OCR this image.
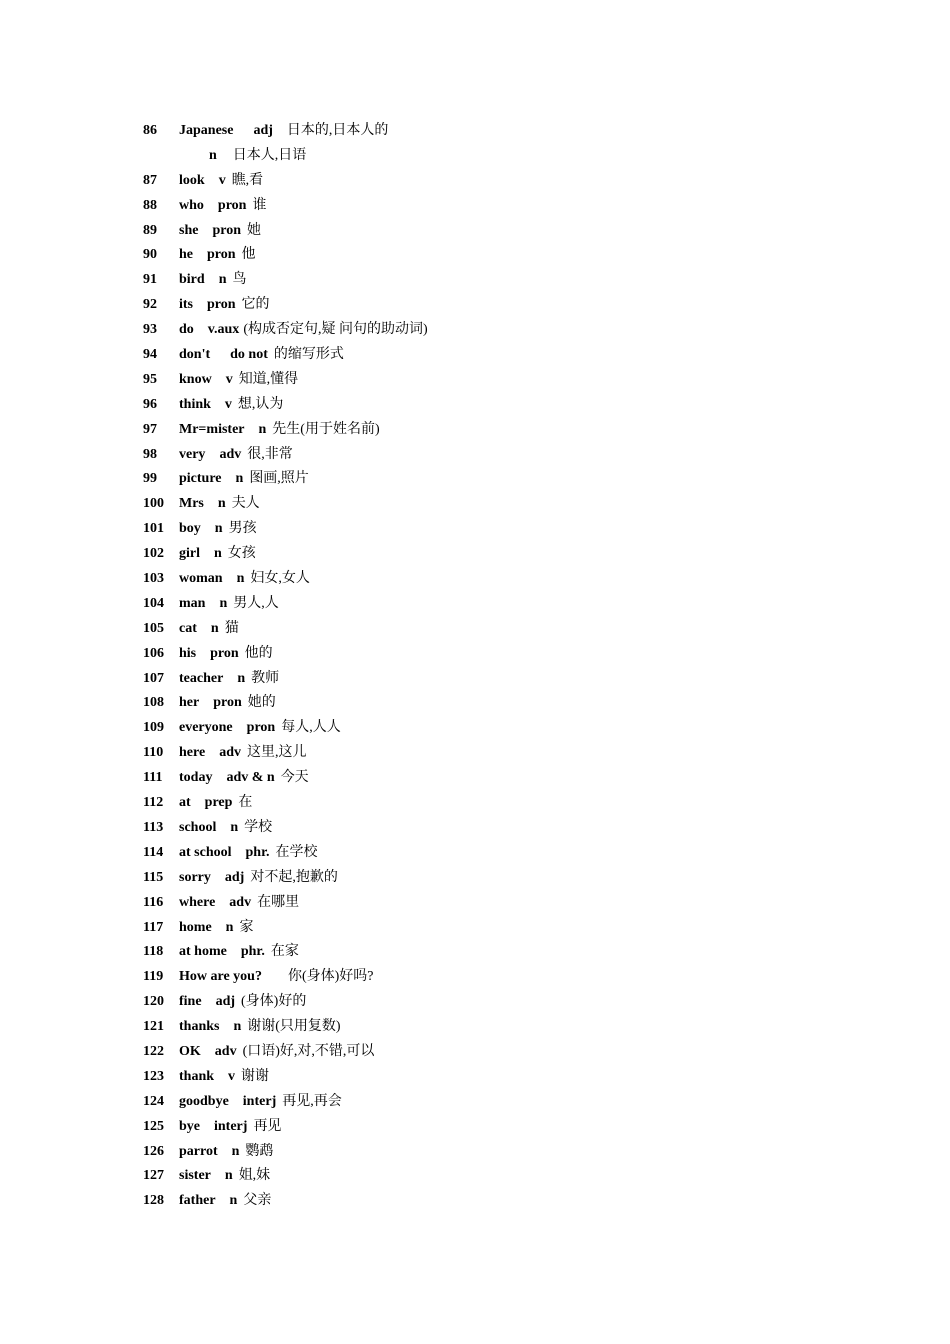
86 Japanese adj 日本的,日本人的
n 日本人,日语
87 look v 瞧,看
88 who pron 谁
89 she pron 她
90 he pron 他
91 bird n 鸟
92 its pron 它的
93 do v.aux (构成否定句,疑 问句的助动词)
94 don't do not 的缩写形式
95 know v 知道,懂得
96 think v 想,认为
97 Mr=mister n 先生(用于姓名前)
98 very adv 很,非常
99 picture n 图画,照片
100 Mrs n 夫人
101 boy n 男孩
102 girl n 女孩
103 woman n 妇女,女人
104 man n 男人,人
105 cat n 猫
106 his pron 他的
107 teacher n 教师
108 her pron 她的
109 everyone pron 每人,人人
110 here adv 这里,这儿
111 today adv & n 今天
112 at prep 在
113 school n 学校
114 at school phr. 在学校
115 sorry adj 对不起,抱歉的
116 where adv 在哪里
117 home n 家
118 at home phr. 在家
119 How are you? 你(身体)好吗?
120 fine adj (身体)好的
121 thanks n 谢谢(只用复数)
122 OK adv (口语)好,对,不错,可以
123 thank v 谢谢
124 goodbye interj 再见,再会
125 bye interj 再见
126 parrot n 鹦鹉
127 sister n 姐,妹
128 father n 父亲
